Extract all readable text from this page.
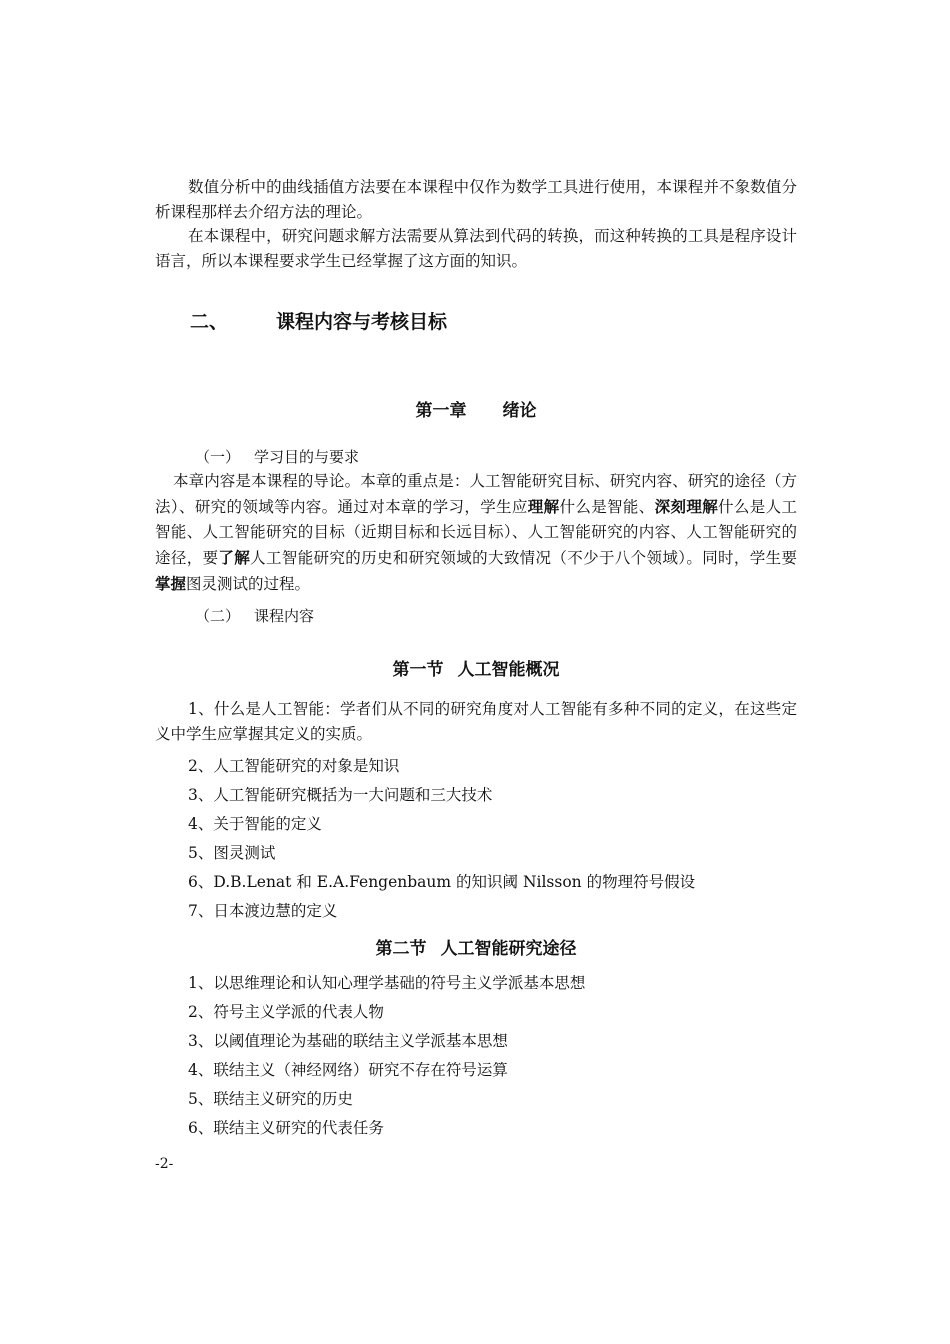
数值分析中的曲线插值方法要在本课程中仅作为数学工具进行使用，本课程并不象数值分析课程那样去介绍方法的理论。

在本课程中，研究问题求解方法需要从算法到代码的转换，而这种转换的工具是程序设计语言，所以本课程要求学生已经掌握了这方面的知识。

二、	课程内容与考核目标
第一章 绪论

（一） 学习目的与要求

本章内容是本课程的导论。本章的重点是：人工智能研究目标、研究内容、研究的途径（方法）、研究的领域等内容。通过对本章的学习，学生应理解什么是智能、深刻理解什么是人工智能、人工智能研究的目标（近期目标和长远目标）、人工智能研究的内容、人工智能研究的途径，要了解人工智能研究的历史和研究领域的大致情况（不少于八个领域）。同时，学生要掌握图灵测试的过程。

（二） 课程内容

第一节 人工智能概况

1、什么是人工智能：学者们从不同的研究角度对人工智能有多种不同的定义，在这些定义中学生应掌握其定义的实质。

2、人工智能研究的对象是知识

3、人工智能研究概括为一大问题和三大技术

4、关于智能的定义

5、图灵测试

6、D.B.Lenat 和 E.A.Fengenbaum 的知识阈 Nilsson 的物理符号假设

7、日本渡边慧的定义

第二节 人工智能研究途径

1、以思维理论和认知心理学基础的符号主义学派基本思想

2、符号主义学派的代表人物

3、以阈值理论为基础的联结主义学派基本思想

4、联结主义（神经网络）研究不存在符号运算

5、联结主义研究的历史

6、联结主义研究的代表任务

-2-
